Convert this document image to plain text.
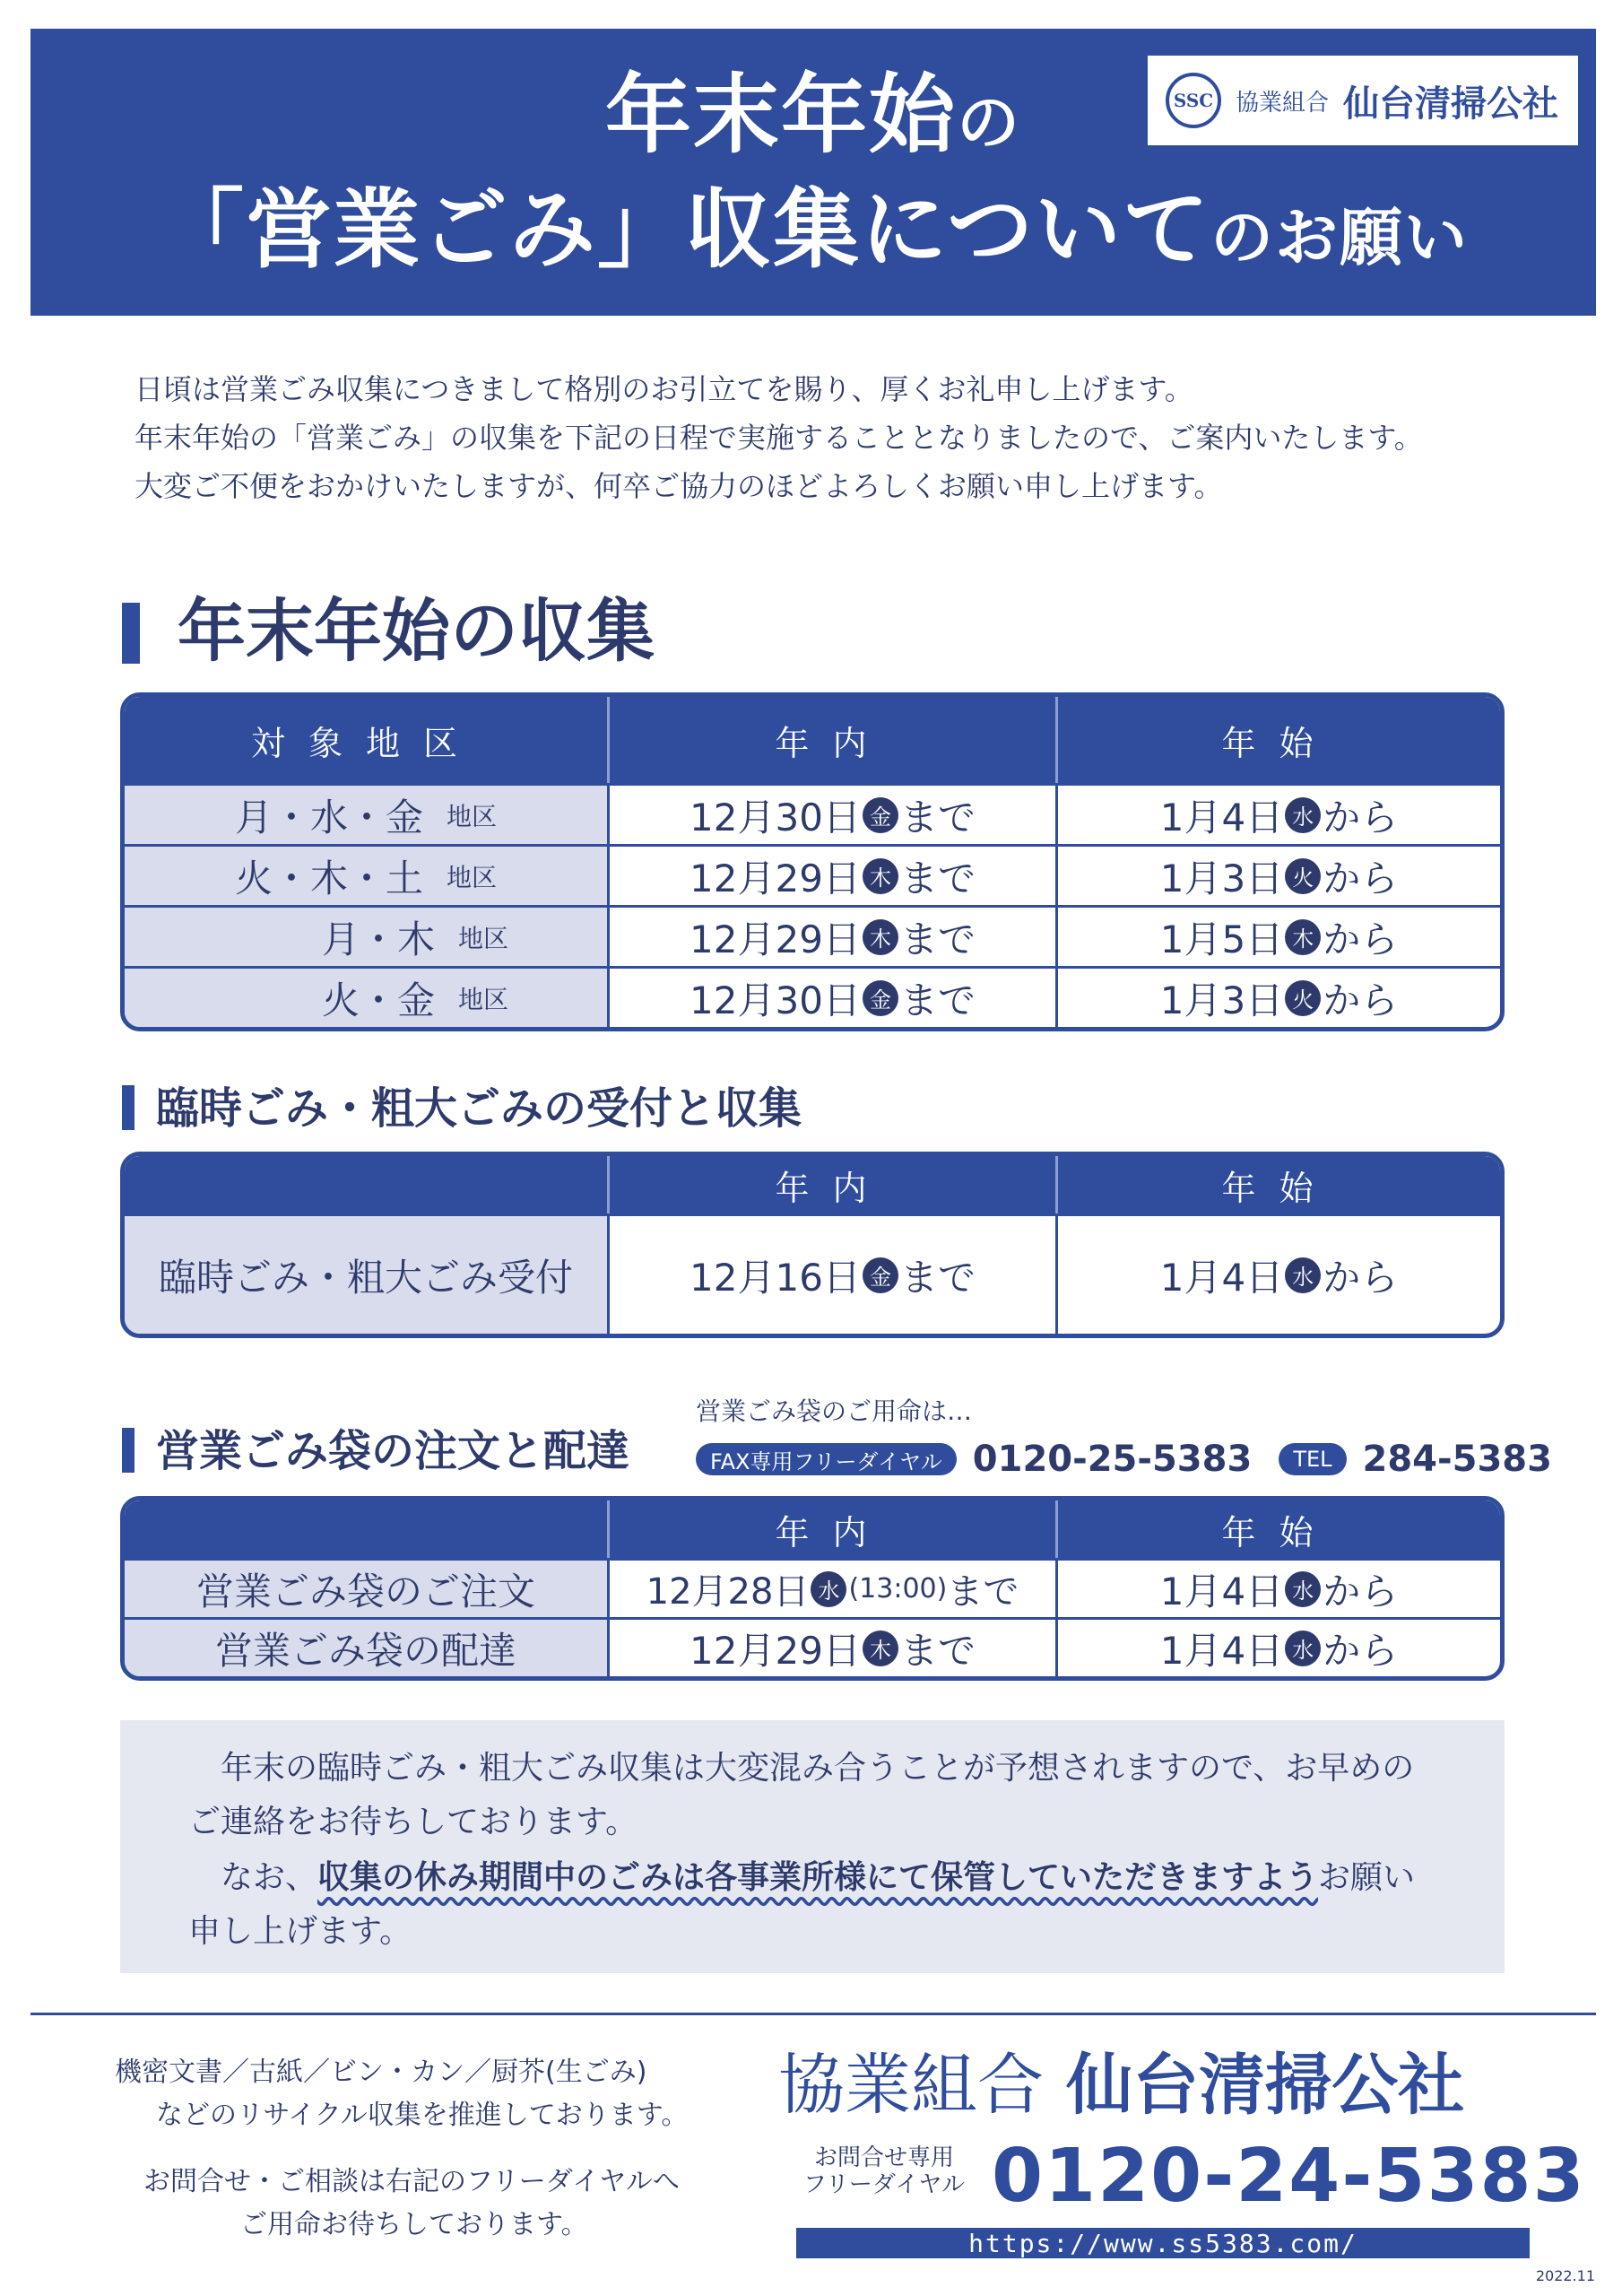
年末年始の
「営業ごみ」収集についてのお願い
SSC 協業組合 仙台清掃公社
日頃は営業ごみ収集につきまして格別のお引立てを賜り、厚くお礼申し上げます。
年末年始の「営業ごみ」の収集を下記の日程で実施することとなりましたので、ご案内いたします。
大変ご不便をおかけいたしますが、何卒ご協力のほどよろしくお願い申し上げます。
年末年始の収集
対象地区	年内	年始
月・水・金 地区	12月30日 金 まで	1月4日 水 から
火・木・土 地区	12月29日 木 まで	1月3日 火 から
月・木 地区	12月29日 木 まで	1月5日 木 から
火・金 地区	12月30日 金 まで	1月3日 火 から
臨時ごみ・粗大ごみの受付と収集
年内	年始
臨時ごみ・粗大ごみ受付	12月16日 金 まで	1月4日 水 から
営業ごみ袋の注文と配達
営業ごみ袋のご用命は…
FAX専用フリーダイヤル 0120-25-5383	TEL 284-5383
年内	年始
営業ごみ袋のご注文	12月28日 水 (13:00) まで	1月4日 水 から
営業ごみ袋の配達	12月29日 木 まで	1月4日 水 から
年末の臨時ごみ・粗大ごみ収集は大変混み合うことが予想されますので、お早めの
ご連絡をお待ちしております。
なお、収集の休み期間中のごみは各事業所様にて保管していただきますようお願い
申し上げます。
機密文書／古紙／ビン・カン／厨芥(生ごみ)
などのリサイクル収集を推進しております。
お問合せ・ご相談は右記のフリーダイヤルへ
ご用命お待ちしております。
協業組合 仙台清掃公社
お問合せ専用
フリーダイヤル 0120-24-5383
https://www.ss5383.com/
2022.11
